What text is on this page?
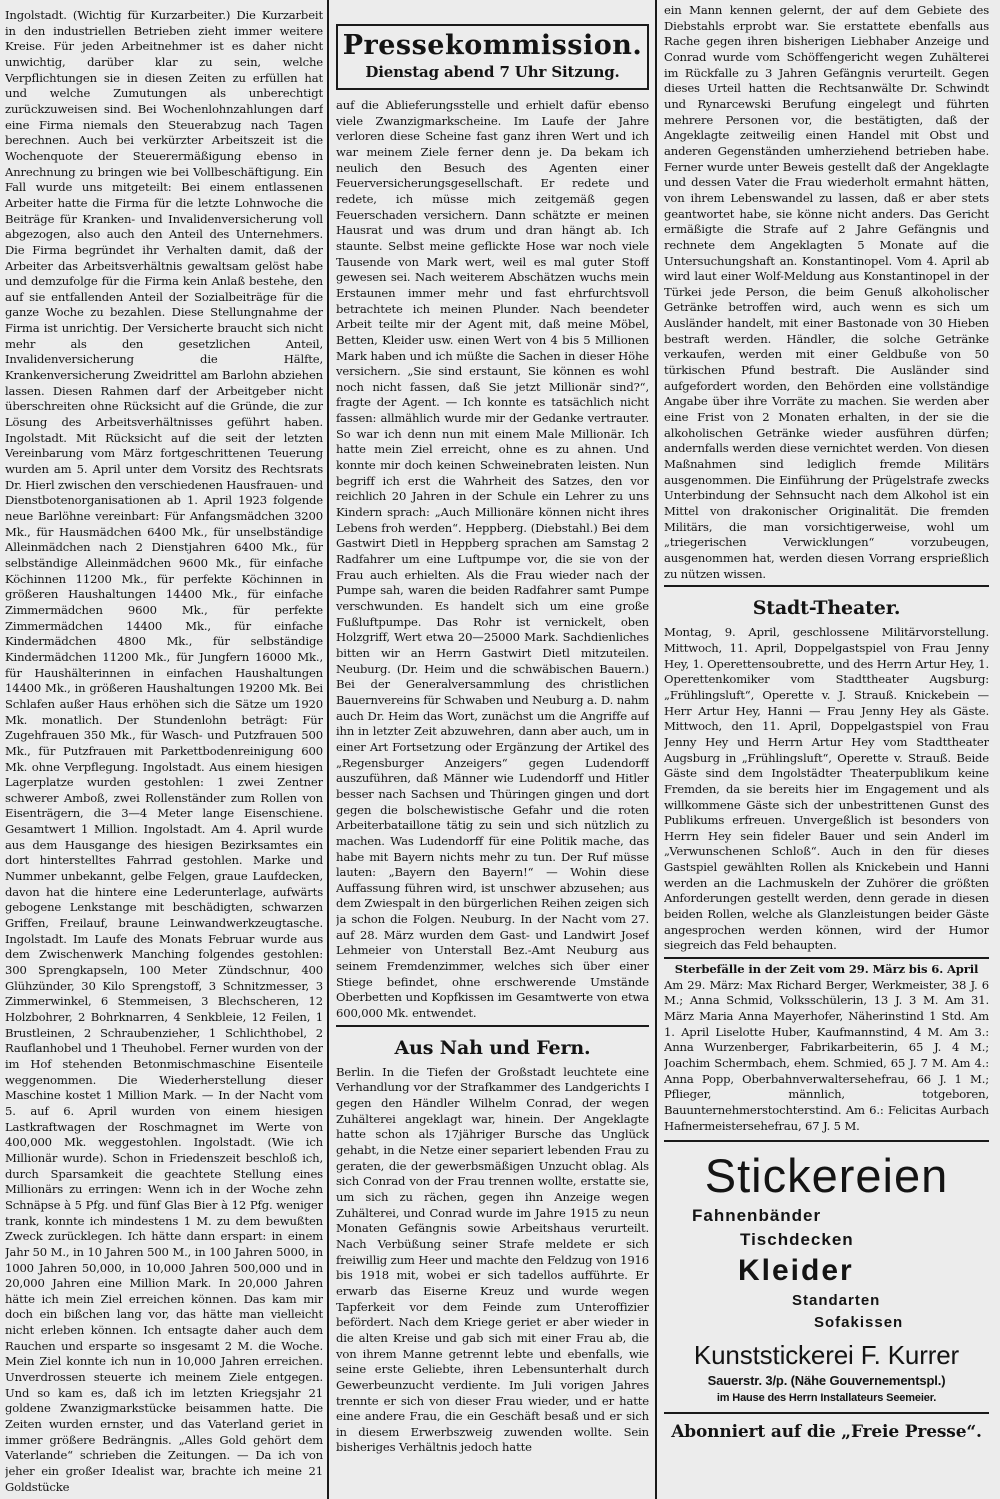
Ingolstadt. (Wichtig für Kurzarbeiter.) Die Kurzarbeit in den industriellen Betrieben zieht immer weitere Kreise. Für jeden Arbeitnehmer ist es daher nicht unwichtig, darüber klar zu sein, welche Verpflichtungen sie in diesen Zeiten zu erfüllen hat und welche Zumutungen als unberechtigt zurückzuweisen sind. Bei Wochenlohnzahlungen darf eine Firma niemals den Steuerabzug nach Tagen berechnen. Auch bei verkürzter Arbeitszeit ist die Wochenquote der Steuerermäßigung ebenso in Anrechnung zu bringen wie bei Vollbeschäftigung. Ein Fall wurde uns mitgeteilt: Bei einem entlassenen Arbeiter hatte die Firma für die letzte Lohnwoche die Beiträge für Kranken- und Invalidenversicherung voll abgezogen, also auch den Anteil des Unternehmers. Die Firma begründet ihr Verhalten damit, daß der Arbeiter das Arbeitsverhältnis gewaltsam gelöst habe und demzufolge für die Firma kein Anlaß bestehe, den auf sie entfallenden Anteil der Sozialbeiträge für die ganze Woche zu bezahlen. Diese Stellungnahme der Firma ist unrichtig. Der Versicherte braucht sich nicht mehr als den gesetzlichen Anteil, Invalidenversicherung die Hälfte, Krankenversicherung Zweidrittel am Barlohn abziehen lassen. Diesen Rahmen darf der Arbeitgeber nicht überschreiten ohne Rücksicht auf die Gründe, die zur Lösung des Arbeitsverhältnisses geführt haben. Ingolstadt. Mit Rücksicht auf die seit der letzten Vereinbarung vom März fortgeschrittenen Teuerung wurden am 5. April unter dem Vorsitz des Rechtsrats Dr. Hierl zwischen den verschiedenen Hausfrauen- und Dienstbotenorganisationen ab 1. April 1923 folgende neue Barlöhne vereinbart: Für Anfangsmädchen 3200 Mk., für Hausmädchen 6400 Mk., für unselbständige Alleinmädchen nach 2 Dienstjahren 6400 Mk., für selbständige Alleinmädchen 9600 Mk., für einfache Köchinnen 11200 Mk., für perfekte Köchinnen in größeren Haushaltungen 14400 Mk., für einfache Zimmermädchen 9600 Mk., für perfekte Zimmermädchen 14400 Mk., für einfache Kindermädchen 4800 Mk., für selbständige Kindermädchen 11200 Mk., für Jungfern 16000 Mk., für Haushälterinnen in einfachen Haushaltungen 14400 Mk., in größeren Haushaltungen 19200 Mk. Bei Schlafen außer Haus erhöhen sich die Sätze um 1920 Mk. monatlich. Der Stundenlohn beträgt: Für Zugehfrauen 350 Mk., für Wasch- und Putzfrauen 500 Mk., für Putzfrauen mit Parkettbodenreinigung 600 Mk. ohne Verpflegung. Ingolstadt. Aus einem hiesigen Lagerplatze wurden gestohlen: 1 zwei Zentner schwerer Amboß, zwei Rollenständer zum Rollen von Eisenträgern, die 3—4 Meter lange Eisenschiene. Gesamtwert 1 Million. Ingolstadt. Am 4. April wurde aus dem Hausgange des hiesigen Bezirksamtes ein dort hinterstelltes Fahrrad gestohlen. Marke und Nummer unbekannt, gelbe Felgen, graue Laufdecken, davon hat die hintere eine Lederunterlage, aufwärts gebogene Lenkstange mit beschädigten, schwarzen Griffen, Freilauf, braune Leinwandwerkzeugtasche. Ingolstadt. Im Laufe des Monats Februar wurde aus dem Zwischenwerk Manching folgendes gestohlen: 300 Sprengkapseln, 100 Meter Zündschnur, 400 Glühzünder, 30 Kilo Sprengstoff, 3 Schnitzmesser, 3 Zimmerwinkel, 6 Stemmeisen, 3 Blechscheren, 12 Holzbohrer, 2 Bohrknarren, 4 Senkbleie, 12 Feilen, 1 Brustleinen, 2 Schraubenzieher, 1 Schlichthobel, 2 Rauflanhobel und 1 Theuhobel. Ferner wurden von der im Hof stehenden Betonmischmaschine Eisenteile weggenommen. Die Wiederherstellung dieser Maschine kostet 1 Million Mark. — In der Nacht vom 5. auf 6. April wurden von einem hiesigen Lastkraftwagen der Roschmagnet im Werte von 400,000 Mk. weggestohlen. Ingolstadt. (Wie ich Millionär wurde). Schon in Friedenszeit beschloß ich, durch Sparsamkeit die geachtete Stellung eines Millionärs zu erringen: Wenn ich in der Woche zehn Schnäpse à 5 Pfg. und fünf Glas Bier à 12 Pfg. weniger trank, konnte ich mindestens 1 M. zu dem bewußten Zweck zurücklegen. Ich hätte dann erspart: in einem Jahr 50 M., in 10 Jahren 500 M., in 100 Jahren 5000, in 1000 Jahren 50,000, in 10,000 Jahren 500,000 und in 20,000 Jahren eine Million Mark. In 20,000 Jahren hätte ich mein Ziel erreichen können. Das kam mir doch ein bißchen lang vor, das hätte man vielleicht nicht erleben können. Ich entsagte daher auch dem Rauchen und ersparte so insgesamt 2 M. die Woche. Mein Ziel konnte ich nun in 10,000 Jahren erreichen. Unverdrossen steuerte ich meinem Ziele entgegen. Und so kam es, daß ich im letzten Kriegsjahr 21 goldene Zwanzigmarkstücke beisammen hatte. Die Zeiten wurden ernster, und das Vaterland geriet in immer größere Bedrängnis. „Alles Gold gehört dem Vaterlande“ schrieben die Zeitungen. — Da ich von jeher ein großer Idealist war, brachte ich meine 21 Goldstücke

Pressekommission.
Dienstag abend 7 Uhr Sitzung.

auf die Ablieferungsstelle und erhielt dafür ebenso viele Zwanzigmarkscheine. Im Laufe der Jahre verloren diese Scheine fast ganz ihren Wert und ich war meinem Ziele ferner denn je. Da bekam ich neulich den Besuch des Agenten einer Feuerversicherungsgesellschaft. Er redete und redete, ich müsse mich zeitgemäß gegen Feuerschaden versichern. Dann schätzte er meinen Hausrat und was drum und dran hängt ab. Ich staunte. Selbst meine geflickte Hose war noch viele Tausende von Mark wert, weil es mal guter Stoff gewesen sei. Nach weiterem Abschätzen wuchs mein Erstaunen immer mehr und fast ehrfurchtsvoll betrachtete ich meinen Plunder. Nach beendeter Arbeit teilte mir der Agent mit, daß meine Möbel, Betten, Kleider usw. einen Wert von 4 bis 5 Millionen Mark haben und ich müßte die Sachen in dieser Höhe versichern. „Sie sind erstaunt, Sie können es wohl noch nicht fassen, daß Sie jetzt Millionär sind?“, fragte der Agent. — Ich konnte es tatsächlich nicht fassen: allmählich wurde mir der Gedanke vertrauter. So war ich denn nun mit einem Male Millionär. Ich hatte mein Ziel erreicht, ohne es zu ahnen. Und konnte mir doch keinen Schweinebraten leisten. Nun begriff ich erst die Wahrheit des Satzes, den vor reichlich 20 Jahren in der Schule ein Lehrer zu uns Kindern sprach: „Auch Millionäre können nicht ihres Lebens froh werden“. Heppberg. (Diebstahl.) Bei dem Gastwirt Dietl in Heppberg sprachen am Samstag 2 Radfahrer um eine Luftpumpe vor, die sie von der Frau auch erhielten. Als die Frau wieder nach der Pumpe sah, waren die beiden Radfahrer samt Pumpe verschwunden. Es handelt sich um eine große Fußluftpumpe. Das Rohr ist vernickelt, oben Holzgriff, Wert etwa 20—25000 Mark. Sachdienliches bitten wir an Herrn Gastwirt Dietl mitzuteilen. Neuburg. (Dr. Heim und die schwäbischen Bauern.) Bei der Generalversammlung des christlichen Bauernvereins für Schwaben und Neuburg a. D. nahm auch Dr. Heim das Wort, zunächst um die Angriffe auf ihn in letzter Zeit abzuwehren, dann aber auch, um in einer Art Fortsetzung oder Ergänzung der Artikel des „Regensburger Anzeigers“ gegen Ludendorff auszuführen, daß Männer wie Ludendorff und Hitler besser nach Sachsen und Thüringen gingen und dort gegen die bolschewistische Gefahr und die roten Arbeiterbataillone tätig zu sein und sich nützlich zu machen. Was Ludendorff für eine Politik mache, das habe mit Bayern nichts mehr zu tun. Der Ruf müsse lauten: „Bayern den Bayern!“ — Wohin diese Auffassung führen wird, ist unschwer abzusehen; aus dem Zwiespalt in den bürgerlichen Reihen zeigen sich ja schon die Folgen. Neuburg. In der Nacht vom 27. auf 28. März wurden dem Gast- und Landwirt Josef Lehmeier von Unterstall Bez.-Amt Neuburg aus seinem Fremdenzimmer, welches sich über einer Stiege befindet, ohne erschwerende Umstände Oberbetten und Kopfkissen im Gesamtwerte von etwa 600,000 Mk. entwendet.

Aus Nah und Fern.

Berlin. In die Tiefen der Großstadt leuchtete eine Verhandlung vor der Strafkammer des Landgerichts I gegen den Händler Wilhelm Conrad, der wegen Zuhälterei angeklagt war, hinein. Der Angeklagte hatte schon als 17jähriger Bursche das Unglück gehabt, in die Netze einer separiert lebenden Frau zu geraten, die der gewerbsmäßigen Unzucht oblag. Als sich Conrad von der Frau trennen wollte, erstatte sie, um sich zu rächen, gegen ihn Anzeige wegen Zuhälterei, und Conrad wurde im Jahre 1915 zu neun Monaten Gefängnis sowie Arbeitshaus verurteilt. Nach Verbüßung seiner Strafe meldete er sich freiwillig zum Heer und machte den Feldzug von 1916 bis 1918 mit, wobei er sich tadellos aufführte. Er erwarb das Eiserne Kreuz und wurde wegen Tapferkeit vor dem Feinde zum Unteroffizier befördert. Nach dem Kriege geriet er aber wieder in die alten Kreise und gab sich mit einer Frau ab, die von ihrem Manne getrennt lebte und ebenfalls, wie seine erste Geliebte, ihren Lebensunterhalt durch Gewerbeunzucht verdiente. Im Juli vorigen Jahres trennte er sich von dieser Frau wieder, und er hatte eine andere Frau, die ein Geschäft besaß und er sich in diesem Erwerbszweig zuwenden wollte. Sein bisheriges Verhältnis jedoch hatte

ein Mann kennen gelernt, der auf dem Gebiete des Diebstahls erprobt war. Sie erstattete ebenfalls aus Rache gegen ihren bisherigen Liebhaber Anzeige und Conrad wurde vom Schöffengericht wegen Zuhälterei im Rückfalle zu 3 Jahren Gefängnis verurteilt. Gegen dieses Urteil hatten die Rechtsanwälte Dr. Schwindt und Rynarcewski Berufung eingelegt und führten mehrere Personen vor, die bestätigten, daß der Angeklagte zeitweilig einen Handel mit Obst und anderen Gegenständen umherziehend betrieben habe. Ferner wurde unter Beweis gestellt daß der Angeklagte und dessen Vater die Frau wiederholt ermahnt hätten, von ihrem Lebenswandel zu lassen, daß er aber stets geantwortet habe, sie könne nicht anders. Das Gericht ermäßigte die Strafe auf 2 Jahre Gefängnis und rechnete dem Angeklagten 5 Monate auf die Untersuchungshaft an. Konstantinopel. Vom 4. April ab wird laut einer Wolf-Meldung aus Konstantinopel in der Türkei jede Person, die beim Genuß alkoholischer Getränke betroffen wird, auch wenn es sich um Ausländer handelt, mit einer Bastonade von 30 Hieben bestraft werden. Händler, die solche Getränke verkaufen, werden mit einer Geldbuße von 50 türkischen Pfund bestraft. Die Ausländer sind aufgefordert worden, den Behörden eine vollständige Angabe über ihre Vorräte zu machen. Sie werden aber eine Frist von 2 Monaten erhalten, in der sie die alkoholischen Getränke wieder ausführen dürfen; andernfalls werden diese vernichtet werden. Von diesen Maßnahmen sind lediglich fremde Militärs ausgenommen. Die Einführung der Prügelstrafe zwecks Unterbindung der Sehnsucht nach dem Alkohol ist ein Mittel von drakonischer Originalität. Die fremden Militärs, die man vorsichtigerweise, wohl um „triegerischen Verwicklungen“ vorzubeugen, ausgenommen hat, werden diesen Vorrang ersprießlich zu nützen wissen.

Stadt-Theater.

Montag, 9. April, geschlossene Militärvorstellung. Mittwoch, 11. April, Doppelgastspiel von Frau Jenny Hey, 1. Operettensoubrette, und des Herrn Artur Hey, 1. Operettenkomiker vom Stadttheater Augsburg: „Frühlingsluft“, Operette v. J. Strauß. Knickebein — Herr Artur Hey, Hanni — Frau Jenny Hey als Gäste. Mittwoch, den 11. April, Doppelgastspiel von Frau Jenny Hey und Herrn Artur Hey vom Stadttheater Augsburg in „Frühlingsluft“, Operette v. Strauß. Beide Gäste sind dem Ingolstädter Theaterpublikum keine Fremden, da sie bereits hier im Engagement und als willkommene Gäste sich der unbestrittenen Gunst des Publikums erfreuen. Unvergeßlich ist besonders von Herrn Hey sein fideler Bauer und sein Anderl im „Verwunschenen Schloß“. Auch in den für dieses Gastspiel gewählten Rollen als Knickebein und Hanni werden an die Lachmuskeln der Zuhörer die größten Anforderungen gestellt werden, denn gerade in diesen beiden Rollen, welche als Glanzleistungen beider Gäste angesprochen werden können, wird der Humor siegreich das Feld behaupten.

Sterbefälle in der Zeit vom 29. März bis 6. April

Am 29. März: Max Richard Berger, Werkmeister, 38 J. 6 M.; Anna Schmid, Volksschülerin, 13 J. 3 M. Am 31. März Maria Anna Mayerhofer, Näherinstind 1 Std. Am 1. April Liselotte Huber, Kaufmannstind, 4 M. Am 3.: Anna Wurzenberger, Fabrikarbeiterin, 65 J. 4 M.; Joachim Schermbach, ehem. Schmied, 65 J. 7 M. Am 4.: Anna Popp, Oberbahnverwaltersehefrau, 66 J. 1 M.; Pflieger, männlich, totgeboren, Bauunternehmerstochterstind. Am 6.: Felicitas Aurbach Hafnermeistersehefrau, 67 J. 5 M.

Stickereien
Fahnenbänder
Tischdecken
Kleider
Standarten
Sofakissen
Kunststickerei F. Kurrer
Sauerstr. 3/p. (Nähe Gouvernementspl.)
im Hause des Herrn Installateurs Seemeier.
Abonniert auf die „Freie Presse“.
